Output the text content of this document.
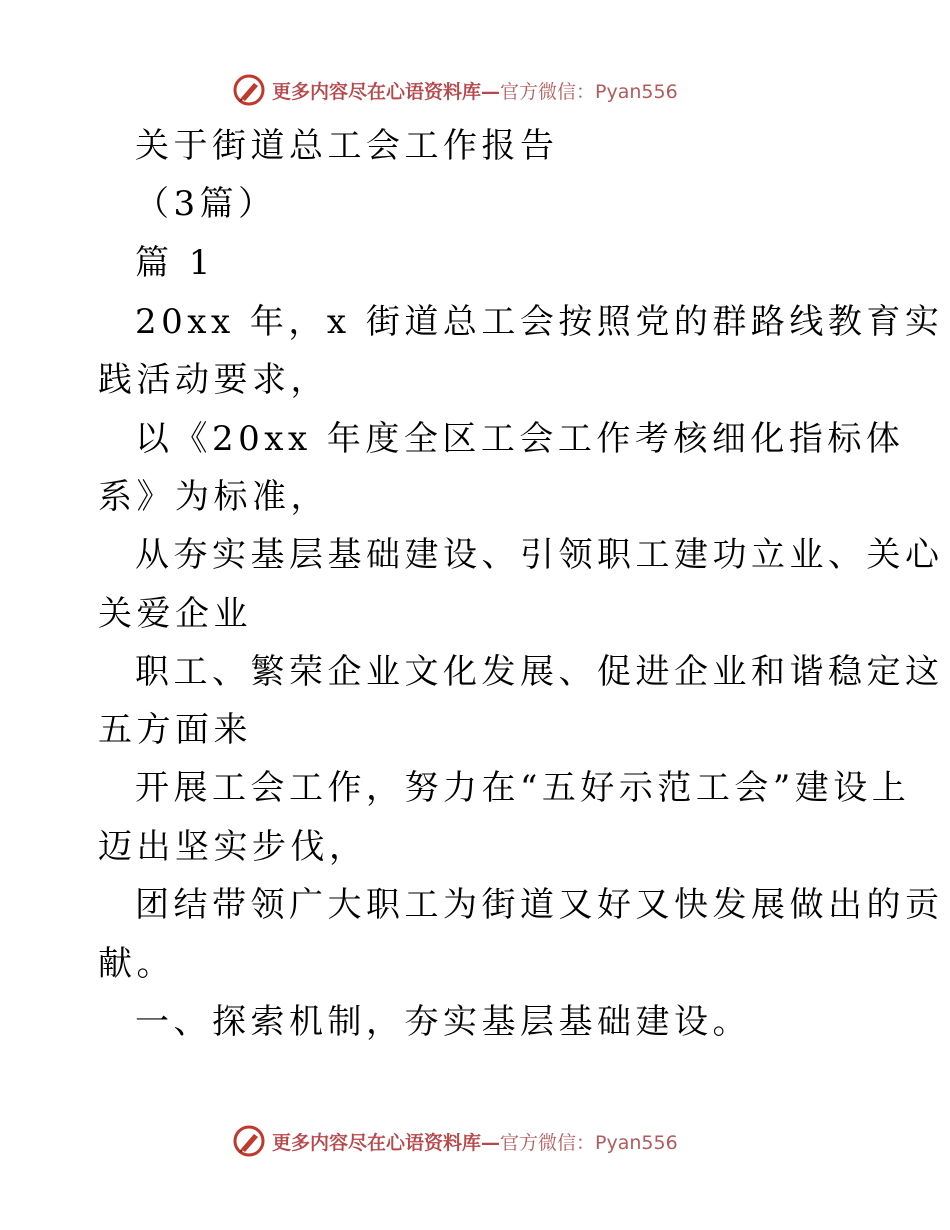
更多内容尽在心语资料库— 官方微信：Pyan556
关于街道总工会工作报告
（3篇）
篇 1
20xx 年，x 街道总工会按照党的群路线教育实
践活动要求，
以《20xx 年度全区工会工作考核细化指标体
系》为标准，
从夯实基层基础建设、引领职工建功立业、关心
关爱企业
职工、繁荣企业文化发展、促进企业和谐稳定这
五方面来
开展工会工作，努力在“五好示范工会”建设上
迈出坚实步伐，
团结带领广大职工为街道又好又快发展做出的贡
献。
一、探索机制，夯实基层基础建设。
更多内容尽在心语资料库— 官方微信：Pyan556
